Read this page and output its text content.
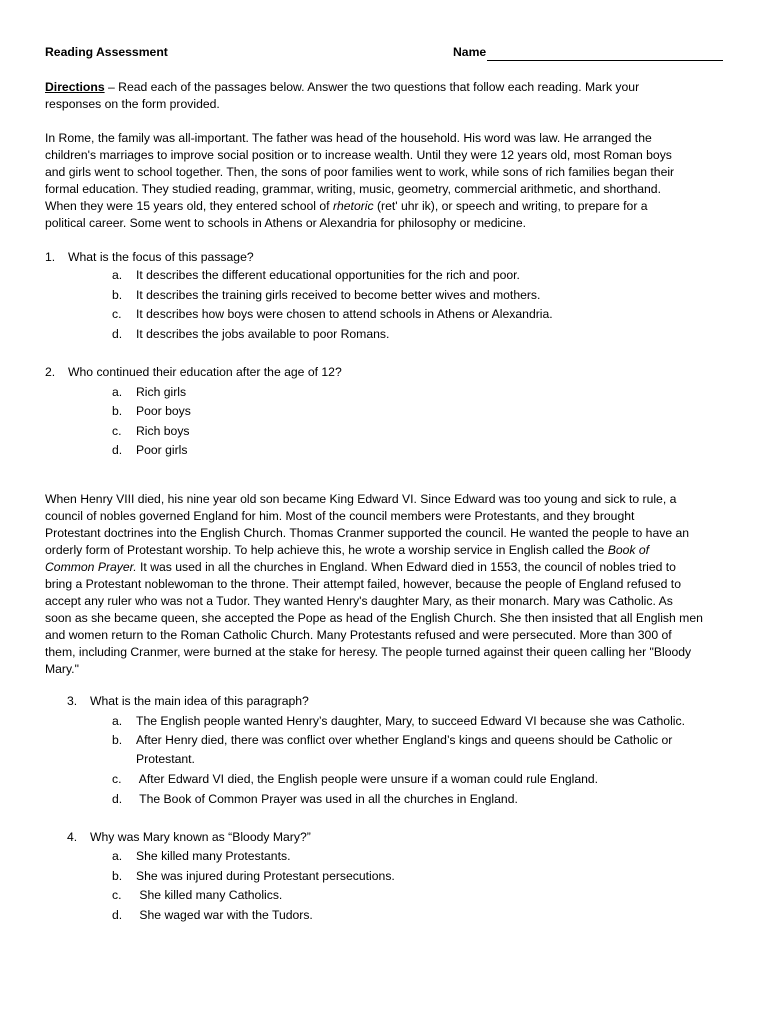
Reading Assessment	Name
Directions – Read each of the passages below. Answer the two questions that follow each reading. Mark your
responses on the form provided.
In Rome, the family was all-important. The father was head of the household. His word was law. He arranged the
children's marriages to improve social position or to increase wealth. Until they were 12 years old, most Roman boys
and girls went to school together. Then, the sons of poor families went to work, while sons of rich families began their
formal education. They studied reading, grammar, writing, music, geometry, commercial arithmetic, and shorthand.
When they were 15 years old, they entered school of rhetoric (ret' uhr ik), or speech and writing, to prepare for a
political career. Some went to schools in Athens or Alexandria for philosophy or medicine.
1. What is the focus of this passage?
a. It describes the different educational opportunities for the rich and poor.
b. It describes the training girls received to become better wives and mothers.
c. It describes how boys were chosen to attend schools in Athens or Alexandria.
d. It describes the jobs available to poor Romans.
2. Who continued their education after the age of 12?
a. Rich girls
b. Poor boys
c. Rich boys
d. Poor girls
When Henry VIII died, his nine year old son became King Edward VI. Since Edward was too young and sick to rule, a
council of nobles governed England for him. Most of the council members were Protestants, and they brought
Protestant doctrines into the English Church. Thomas Cranmer supported the council. He wanted the people to have an
orderly form of Protestant worship. To help achieve this, he wrote a worship service in English called the Book of
Common Prayer. It was used in all the churches in England. When Edward died in 1553, the council of nobles tried to
bring a Protestant noblewoman to the throne. Their attempt failed, however, because the people of England refused to
accept any ruler who was not a Tudor. They wanted Henry's daughter Mary, as their monarch. Mary was Catholic. As
soon as she became queen, she accepted the Pope as head of the English Church. She then insisted that all English men
and women return to the Roman Catholic Church. Many Protestants refused and were persecuted. More than 300 of
them, including Cranmer, were burned at the stake for heresy. The people turned against their queen calling her "Bloody
Mary."
3. What is the main idea of this paragraph?
a. The English people wanted Henry’s daughter, Mary, to succeed Edward VI because she was Catholic.
b. After Henry died, there was conflict over whether England’s kings and queens should be Catholic or
Protestant.
c. After Edward VI died, the English people were unsure if a woman could rule England.
d. The Book of Common Prayer was used in all the churches in England.
4. Why was Mary known as “Bloody Mary?”
a. She killed many Protestants.
b. She was injured during Protestant persecutions.
c. She killed many Catholics.
d. She waged war with the Tudors.
